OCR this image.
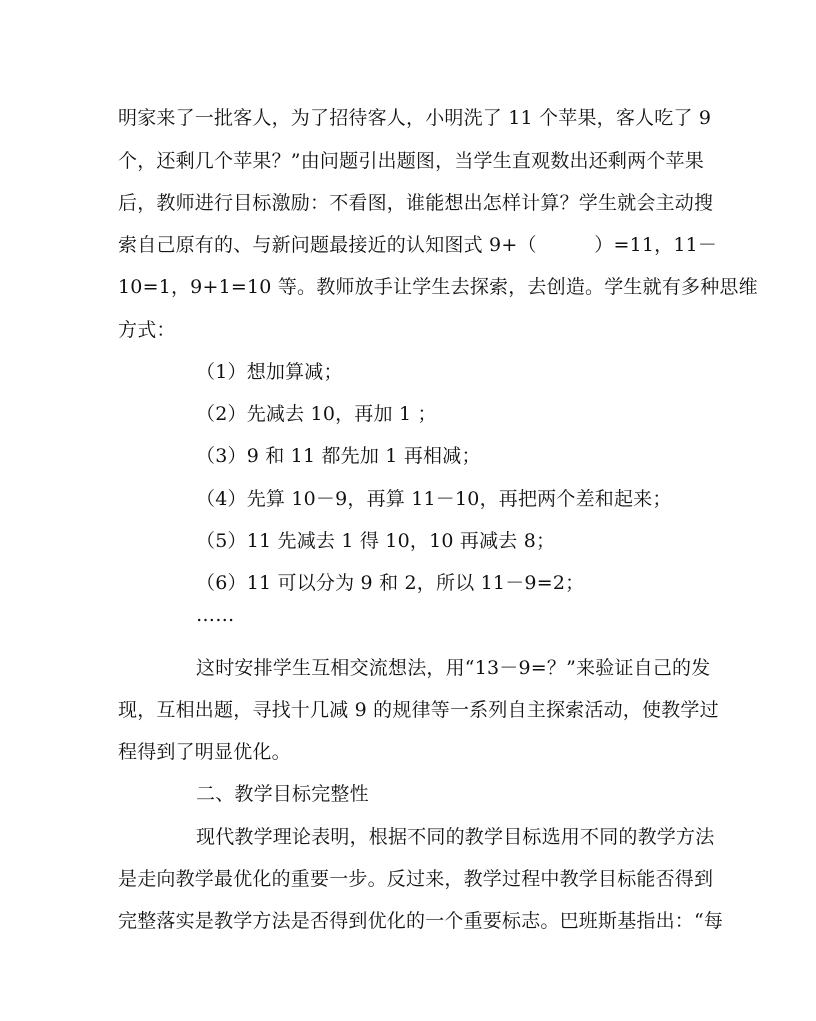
明家来了一批客人，为了招待客人，小明洗了 11 个苹果，客人吃了 9
个，还剩几个苹果？”由问题引出题图，当学生直观数出还剩两个苹果
后，教师进行目标激励：不看图，谁能想出怎样计算？学生就会主动搜
索自己原有的、与新问题最接近的认知图式 9+（　　　）=11，11－
10=1，9+1=10 等。教师放手让学生去探索，去创造。学生就有多种思维
方式：
（1）想加算减；
（2）先减去 10，再加 1 ；
（3）9 和 11 都先加 1 再相减；
（4）先算 10－9，再算 11－10，再把两个差和起来；
（5）11 先减去 1 得 10，10 再减去 8；
（6）11 可以分为 9 和 2，所以 11－9=2；
……
这时安排学生互相交流想法，用“13－9=？”来验证自己的发
现，互相出题，寻找十几减 9 的规律等一系列自主探索活动，使教学过
程得到了明显优化。
二、教学目标完整性
现代教学理论表明，根据不同的教学目标选用不同的教学方法
是走向教学最优化的重要一步。反过来，教学过程中教学目标能否得到
完整落实是教学方法是否得到优化的一个重要标志。巴班斯基指出：“每
